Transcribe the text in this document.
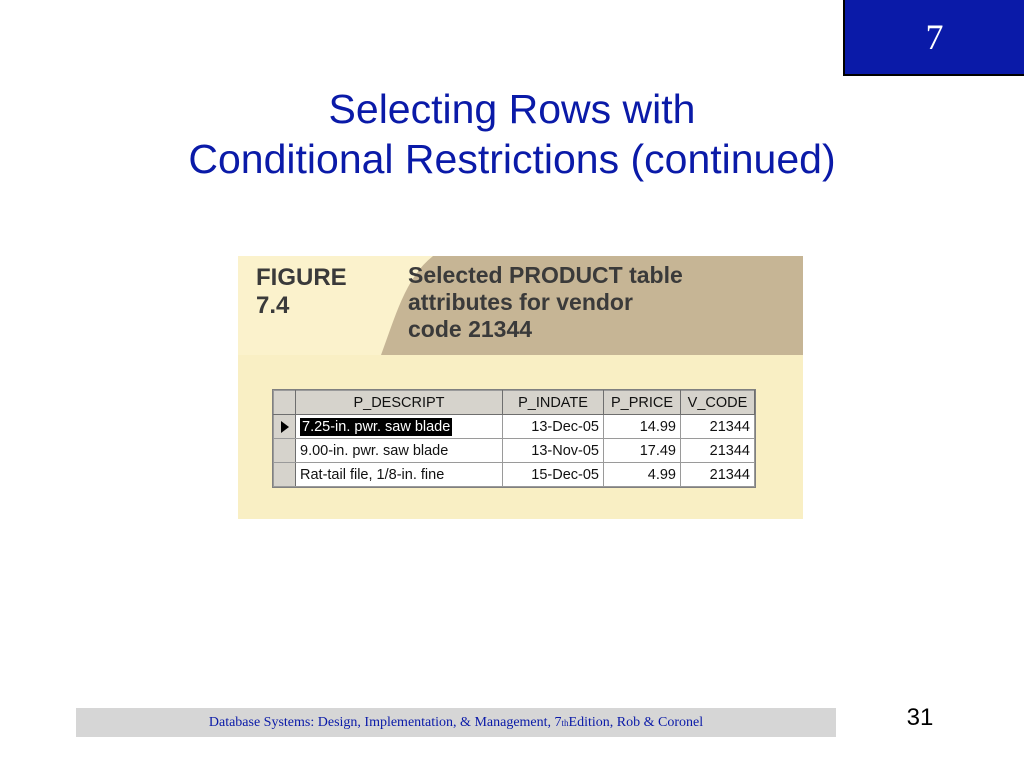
7
Selecting Rows with
Conditional Restrictions (continued)
FIGURE
7.4
Selected PRODUCT table
attributes for vendor
code 21344
	P_DESCRIPT	P_INDATE	P_PRICE	V_CODE
	7.25-in. pwr. saw blade	13-Dec-05	14.99	21344
	9.00-in. pwr. saw blade	13-Nov-05	17.49	21344
	Rat-tail file, 1/8-in. fine	15-Dec-05	4.99	21344
Database Systems: Design, Implementation, & Management, 7 th Edition, Rob & Coronel	31
